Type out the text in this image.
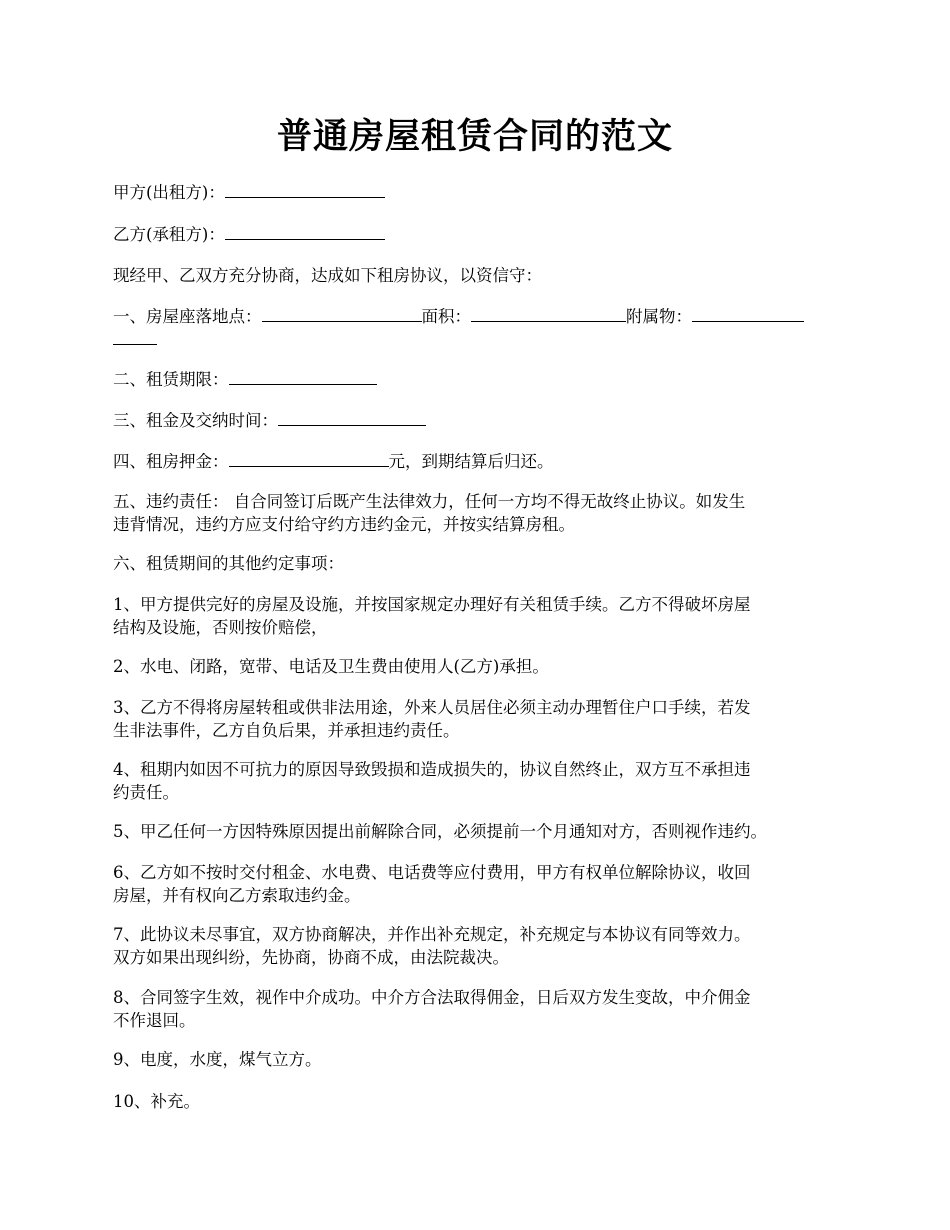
普通房屋租赁合同的范文

甲方(出租方)：

乙方(承租方)：

现经甲、乙双方充分协商，达成如下租房协议，以资信守：

一、房屋座落地点：	面积：	附属物：

二、租赁期限：

三、租金及交纳时间：

四、租房押金：	元，到期结算后归还。

五、违约责任： 自合同签订后既产生法律效力，任何一方均不得无故终止协议。如发生
违背情况，违约方应支付给守约方违约金元，并按实结算房租。

六、租赁期间的其他约定事项：

1、甲方提供完好的房屋及设施，并按国家规定办理好有关租赁手续。乙方不得破坏房屋
结构及设施，否则按价赔偿，

2、水电、闭路，宽带、电话及卫生费由使用人(乙方)承担。

3、乙方不得将房屋转租或供非法用途，外来人员居住必须主动办理暂住户口手续，若发
生非法事件，乙方自负后果，并承担违约责任。
4、租期内如因不可抗力的原因导致毁损和造成损失的，协议自然终止，双方互不承担违
约责任。

5、甲乙任何一方因特殊原因提出前解除合同，必须提前一个月通知对方，否则视作违约。

6、乙方如不按时交付租金、水电费、电话费等应付费用，甲方有权单位解除协议，收回
房屋，并有权向乙方索取违约金。
7、此协议未尽事宜，双方协商解决，并作出补充规定，补充规定与本协议有同等效力。
双方如果出现纠纷，先协商，协商不成，由法院裁决。
8、合同签字生效，视作中介成功。中介方合法取得佣金，日后双方发生变故，中介佣金
不作退回。

9、电度，水度，煤气立方。

10、补充。
